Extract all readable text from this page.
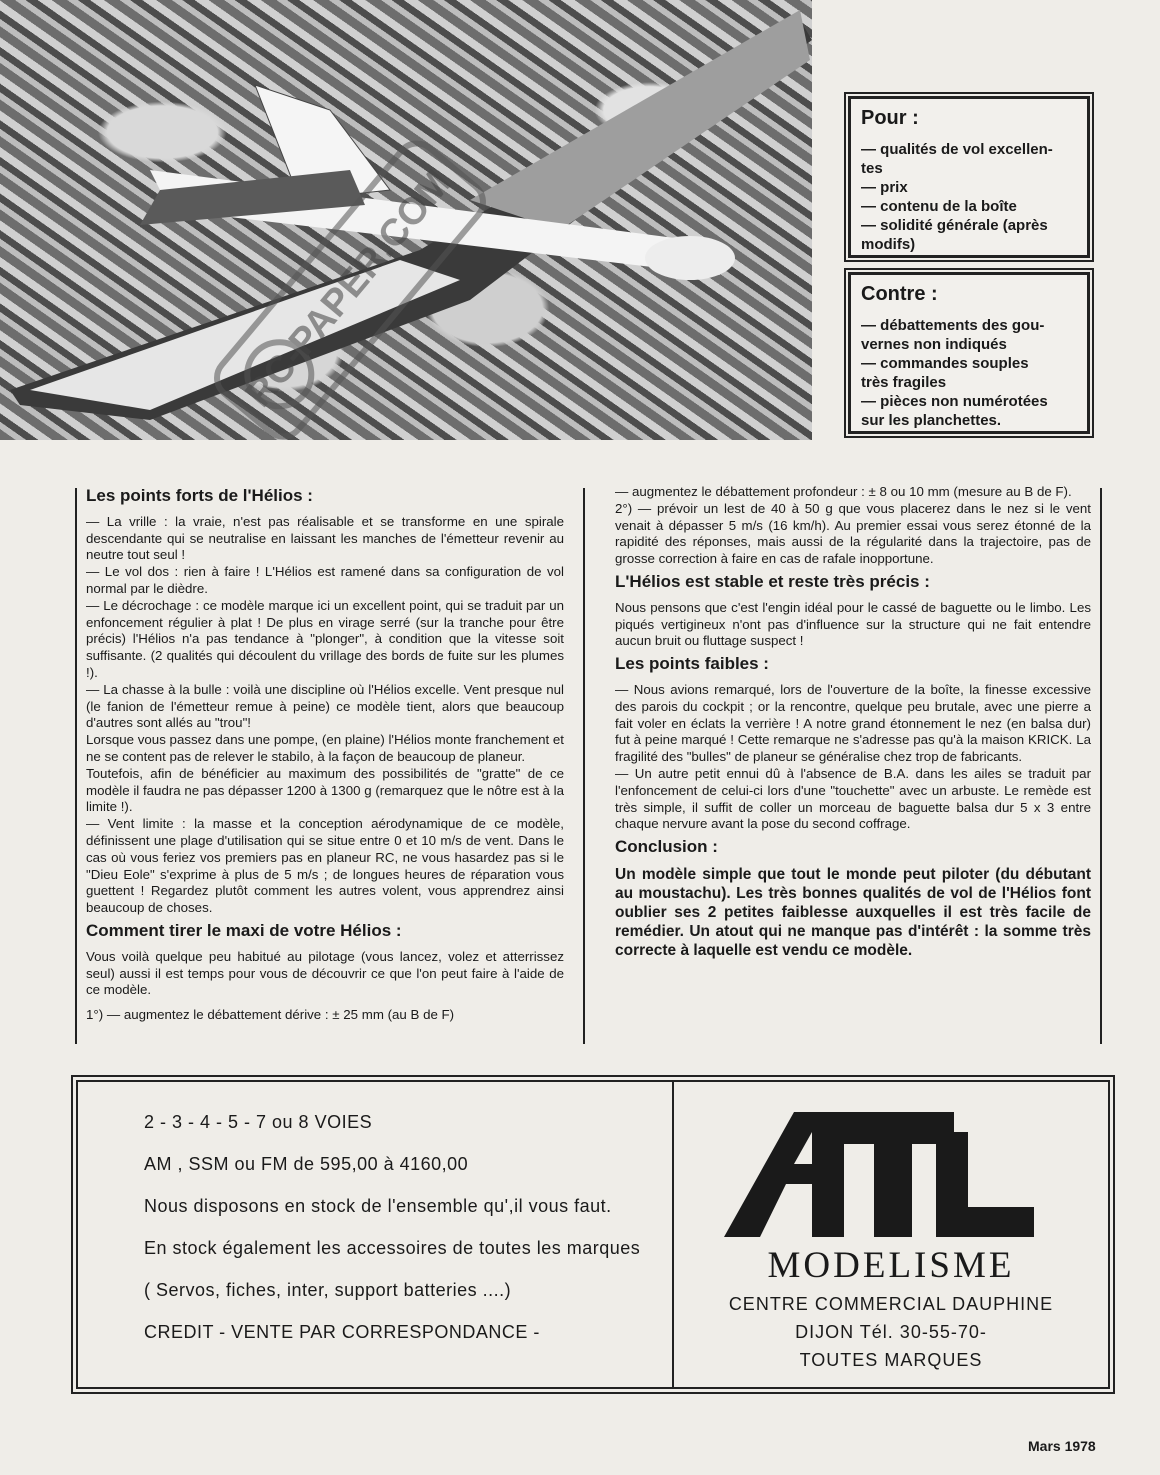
RC-PAPER.COM
Pour :
— qualités de vol excellen-
tes
— prix
— contenu de la boîte
— solidité générale (après
modifs)
Contre :
— débattements des gou-
vernes non indiqués
— commandes souples
très fragiles
— pièces non numérotées
sur les planchettes.
Les points forts de l'Hélios :

— La vrille : la vraie, n'est pas réalisable et se transforme en une spirale descendante qui se neutralise en laissant les manches de l'émetteur revenir au neutre tout seul !

— Le vol dos : rien à faire ! L'Hélios est ramené dans sa configuration de vol normal par le dièdre.

— Le décrochage : ce modèle marque ici un excellent point, qui se traduit par un enfoncement régulier à plat ! De plus en virage serré (sur la tranche pour être précis) l'Hélios n'a pas tendance à "plonger", à condition que la vitesse soit suffisante. (2 qualités qui découlent du vrillage des bords de fuite sur les plumes !).

— La chasse à la bulle : voilà une discipline où l'Hélios excelle. Vent presque nul (le fanion de l'émetteur remue à peine) ce modèle tient, alors que beaucoup d'autres sont allés au "trou"!

Lorsque vous passez dans une pompe, (en plaine) l'Hélios monte franchement et ne se content pas de relever le stabilo, à la façon de beaucoup de planeur.

Toutefois, afin de bénéficier au maximum des possibilités de "gratte" de ce modèle il faudra ne pas dépasser 1200 à 1300 g (remarquez que le nôtre est à la limite !).

— Vent limite : la masse et la conception aérodynamique de ce modèle, définissent une plage d'utilisation qui se situe entre 0 et 10 m/s de vent. Dans le cas où vous feriez vos premiers pas en planeur RC, ne vous hasardez pas si le "Dieu Eole" s'exprime à plus de 5 m/s ; de longues heures de réparation vous guettent ! Regardez plutôt comment les autres volent, vous apprendrez ainsi beaucoup de choses.

Comment tirer le maxi de votre Hélios :

Vous voilà quelque peu habitué au pilotage (vous lancez, volez et atterrissez seul) aussi il est temps pour vous de découvrir ce que l'on peut faire à l'aide de ce modèle.

1°) — augmentez le débattement dérive : ± 25 mm (au B de F)

— augmentez le débattement profondeur : ± 8 ou 10 mm (mesure au B de F).

2°) — prévoir un lest de 40 à 50 g que vous placerez dans le nez si le vent venait à dépasser 5 m/s (16 km/h). Au premier essai vous serez étonné de la rapidité des réponses, mais aussi de la régularité dans la trajectoire, pas de grosse correction à faire en cas de rafale inopportune.

L'Hélios est stable et reste très précis :

Nous pensons que c'est l'engin idéal pour le cassé de baguette ou le limbo. Les piqués vertigineux n'ont pas d'influence sur la structure qui ne fait entendre aucun bruit ou fluttage suspect !

Les points faibles :

— Nous avions remarqué, lors de l'ouverture de la boîte, la finesse excessive des parois du cockpit ; or la rencontre, quelque peu brutale, avec une pierre a fait voler en éclats la verrière ! A notre grand étonnement le nez (en balsa dur) fut à peine marqué ! Cette remarque ne s'adresse pas qu'à la maison KRICK. La fragilité des "bulles" de planeur se généralise chez trop de fabricants.

— Un autre petit ennui dû à l'absence de B.A. dans les ailes se traduit par l'enfoncement de celui-ci lors d'une "touchette" avec un arbuste. Le remède est très simple, il suffit de coller un morceau de baguette balsa dur 5 x 3 entre chaque nervure avant la pose du second coffrage.

Conclusion :

Un modèle simple que tout le monde peut piloter (du débutant au moustachu). Les très bonnes qualités de vol de l'Hélios font oublier ses 2 petites faiblesse auxquelles il est très facile de remédier. Un atout qui ne manque pas d'intérêt : la somme très correcte à laquelle est vendu ce modèle.

2 - 3 - 4 - 5 - 7 ou 8 VOIES
AM , SSM ou FM de 595,00 à 4160,00
Nous disposons en stock de l'ensemble qu',il vous faut.
En stock également les accessoires de toutes les marques
( Servos, fiches, inter, support batteries ....)
CREDIT - VENTE PAR CORRESPONDANCE -
MODELISME
CENTRE COMMERCIAL DAUPHINE
DIJON Tél. 30-55-70-
TOUTES MARQUES
Mars 1978
